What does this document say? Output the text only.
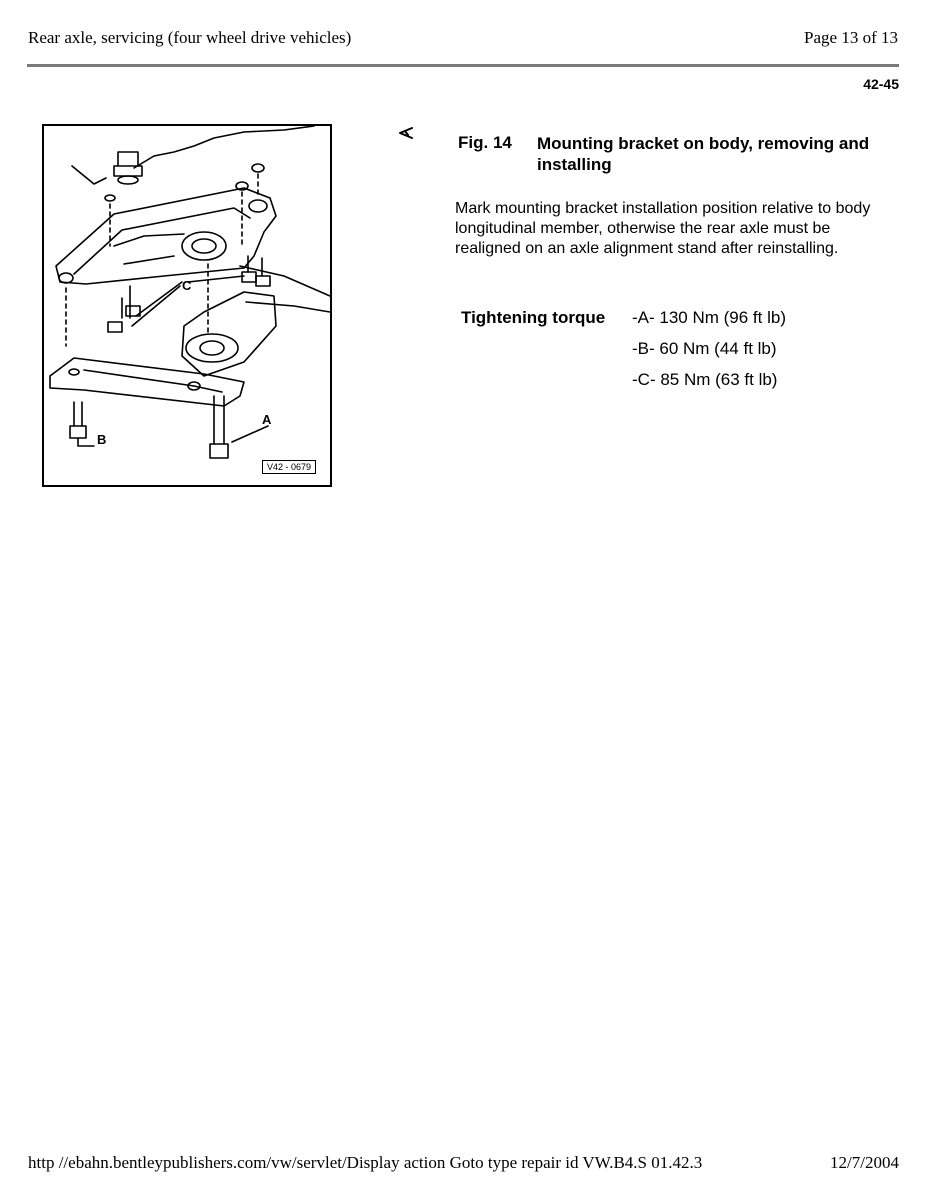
Rear axle, servicing (four wheel drive vehicles)	Page 13 of 13
42-45
A
B
C
V42 - 0679
Fig. 14 Mounting bracket on body, removing and installing
Mark mounting bracket installation position relative to body longitudinal member, otherwise the rear axle must be realigned on an axle alignment stand after reinstalling.
Tightening torque -A- 130 Nm (96 ft lb)
-B- 60 Nm (44 ft lb)
-C- 85 Nm (63 ft lb)
http //ebahn.bentleypublishers.com/vw/servlet/Display action Goto type repair id VW.B4.S 01.42.3	12/7/2004
